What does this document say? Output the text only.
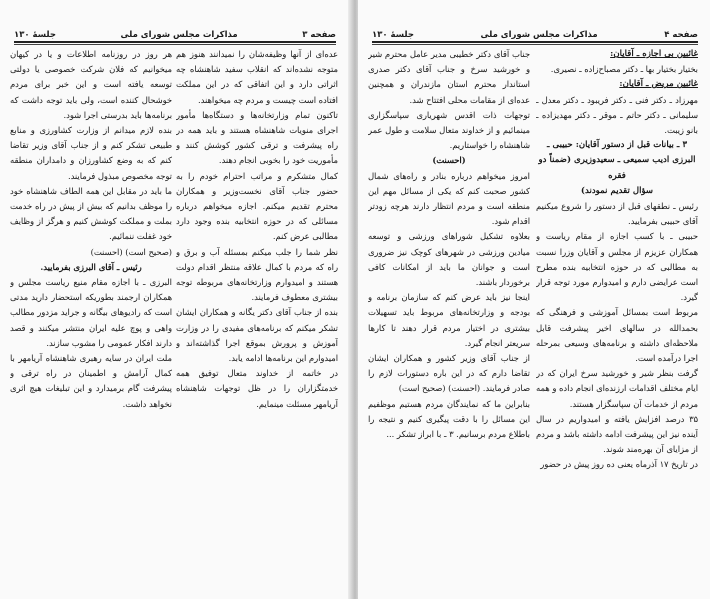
صفحه ۳
مذاکرات مجلس شورای ملی
جلسهٔ ۱۳۰

عده‌ای از آنها وظیفه‌شان را نمیدانند هنوز هم متوجه نشده‌اند که انقلاب سفید شاهنشاه چه اثراتی دارد و این اتفاقی که در این مملکت افتاده است چیست و مردم چه میخواهند.

تاکنون تمام وزارتخانه‌ها و دستگاه‌ها مأمور اجرای منویات شاهنشاه هستند و باید همه در راه پیشرفت و ترقی کشور کوشش کنند و مأموریت خود را بخوبی انجام دهند.

کمال متشکرم و مراتب احترام خودم را به حضور جناب آقای نخست‌وزیر و همکاران محترم تقدیم میکنم. اجازه میخواهم درباره مسائلی که در حوزه انتخابیه بنده وجود دارد مطالبی عرض کنم.

نظر شما را جلب میکنم بمسئله آب و برق و راه که مردم با کمال علاقه منتظر اقدام دولت هستند و امیدوارم وزارتخانه‌های مربوطه توجه بیشتری معطوف فرمایند.

بنده از جناب آقای دکتر یگانه و همکاران ایشان تشکر میکنم که برنامه‌های مفیدی را در وزارت آموزش و پرورش بموقع اجرا گذاشته‌اند و امیدوارم این برنامه‌ها ادامه یابد.

در خاتمه از خداوند متعال توفیق همه خدمتگزاران را در ظل توجهات شاهنشاه آریامهر مسئلت مینمایم.

هر روز در روزنامه اطلاعات و یا در کیهان میخوانیم که فلان شرکت خصوصی یا دولتی توسعه یافته است و این خبر برای مردم خوشحال کننده است، ولی باید توجه داشت که برنامه‌ها باید بدرستی اجرا شود.

بنده لازم میدانم از وزارت کشاورزی و منابع طبیعی تشکر کنم و از جناب آقای وزیر تقاضا کنم که به وضع کشاورزان و دامداران منطقه توجه مخصوص مبذول فرمایند.

ما باید در مقابل این همه الطاف شاهنشاه خود را موظف بدانیم که بیش از پیش در راه خدمت بملت و مملکت کوشش کنیم و هرگز از وظایف خود غفلت ننمائیم.

(صحیح است) (احسنت)

رئیس ـ آقای البرزی بفرمایید.

البرزی ـ با اجازه مقام منیع ریاست مجلس و همکاران ارجمند بطوریکه استحضار دارید مدتی است که رادیوهای بیگانه و جراید مزدور مطالب واهی و پوچ علیه ایران منتشر میکنند و قصد دارند افکار عمومی را مشوب سازند.

ملت ایران در سایه رهبری شاهنشاه آریامهر با کمال آرامش و اطمینان در راه ترقی و پیشرفت گام برمیدارد و این تبلیغات هیچ اثری نخواهد داشت.

صفحه ۴
مذاکرات مجلس شورای ملی
جلسهٔ ۱۳۰
غائبین بی اجازه ـ آقایان:

بختیار بختیار بها ـ دکتر مصباح‌زاده ـ نصیری.

غائبین مریض ـ آقایان:

مهرزاد ـ دکتر فنی ـ دکتر فریبود ـ دکتر معدل ـ سلیمانی ـ دکتر حاتم ـ موقر ـ دکتر مهدیزاده ـ بانو زیبت.

۳ ـ بیانات قبل از دستور آقایان: حبیبی ـ البرزی ادیب سمیعی ـ سعیدوزیری (ضمناً دو فقره
سؤال تقدیم نمودند)

رئیس ـ نطقهای قبل از دستور را شروع میکنیم آقای حبیبی بفرمایید.

حبیبی ـ با کسب اجازه از مقام ریاست و همکاران عزیزم از مجلس و آقایان وزرا نسبت به مطالبی که در حوزه انتخابیه بنده مطرح است عرایضی دارم و امیدوارم مورد توجه قرار گیرد.

مربوط است بمسائل آموزشی و فرهنگی که بحمدالله در سالهای اخیر پیشرفت قابل ملاحظه‌ای داشته و برنامه‌های وسیعی بمرحله اجرا درآمده است.

گرفت بنظر شیر و خورشید سرخ ایران که در ایام مختلف اقدامات ارزنده‌ای انجام داده و همه مردم از خدمات آن سپاسگزار هستند.

۳۵ درصد افزایش یافته و امیدواریم در سال آینده نیز این پیشرفت ادامه داشته باشد و مردم از مزایای آن بهره‌مند شوند.

در تاریخ ۱۷ آذرماه یعنی ده روز پیش در حضور

جناب آقای دکتر خطیبی مدیر عامل محترم شیر و خورشید سرخ و جناب آقای دکتر صدری استاندار محترم استان مازندران و همچنین عده‌ای از مقامات محلی افتتاح شد.

توجهات ذات اقدس شهریاری سپاسگزاری مینمائیم و از خداوند متعال سلامت و طول عمر شاهنشاه را خواستاریم.

(احسنت)

امروز میخواهم درباره بنادر و راه‌های شمال کشور صحبت کنم که یکی از مسائل مهم این منطقه است و مردم انتظار دارند هرچه زودتر اقدام شود.

بعلاوه تشکیل شوراهای ورزشی و توسعه میادین ورزشی در شهرهای کوچک نیز ضروری است و جوانان ما باید از امکانات کافی برخوردار باشند.

اینجا نیز باید عرض کنم که سازمان برنامه و بودجه و وزارتخانه‌های مربوط باید تسهیلات بیشتری در اختیار مردم قرار دهند تا کارها سریعتر انجام گیرد.

از جناب آقای وزیر کشور و همکاران ایشان تقاضا دارم که در این باره دستورات لازم را صادر فرمایند. (احسنت) (صحیح است)

بنابراین ما که نمایندگان مردم هستیم موظفیم این مسائل را با دقت پیگیری کنیم و نتیجه را باطلاع مردم برسانیم. ۳ ـ با ابراز تشکر ...
